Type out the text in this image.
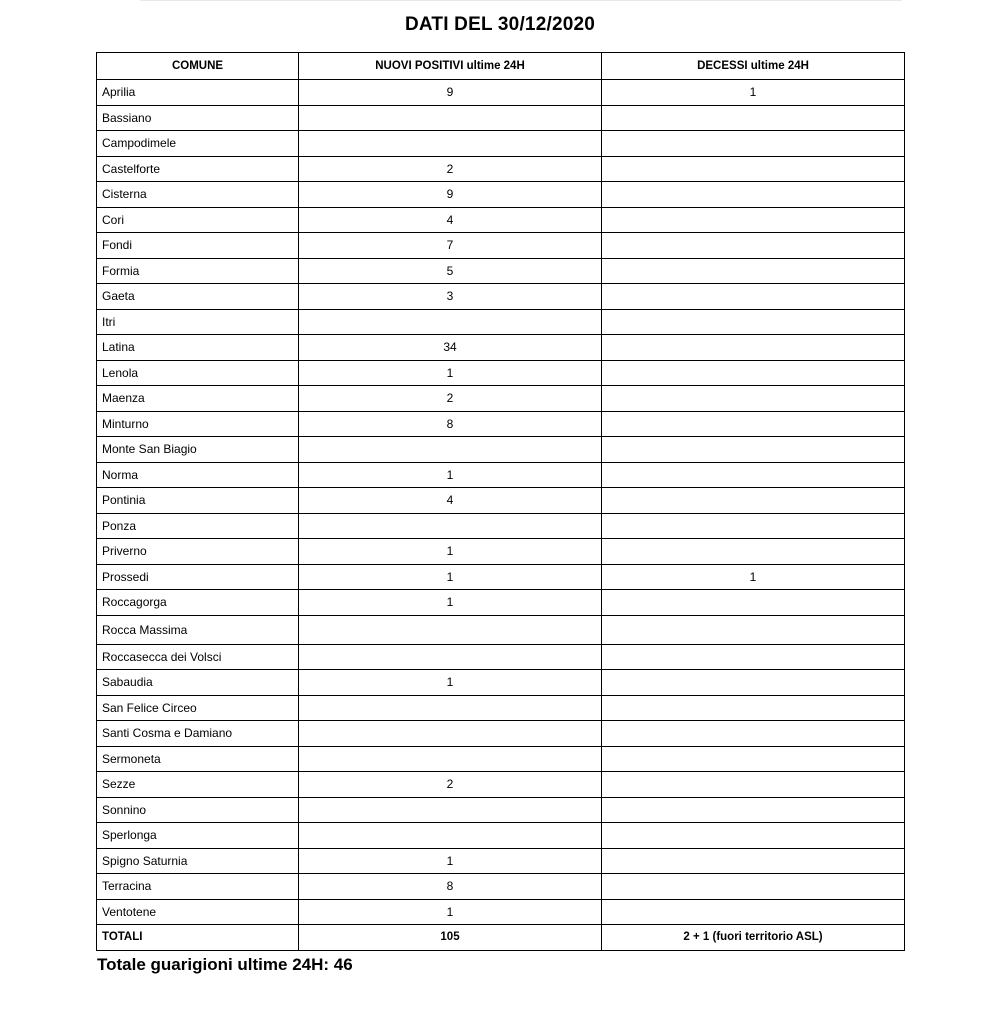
DATI DEL 30/12/2020
COMUNE	NUOVI POSITIVI ultime 24H	DECESSI ultime 24H
Aprilia	9	1
Bassiano		
Campodimele		
Castelforte	2	
Cisterna	9	
Cori	4	
Fondi	7	
Formia	5	
Gaeta	3	
Itri		
Latina	34	
Lenola	1	
Maenza	2	
Minturno	8	
Monte San Biagio		
Norma	1	
Pontinia	4	
Ponza		
Priverno	1	
Prossedi	1	1
Roccagorga	1	
Rocca Massima		
Roccasecca dei Volsci		
Sabaudia	1	
San Felice Circeo		
Santi Cosma e Damiano		
Sermoneta		
Sezze	2	
Sonnino		
Sperlonga		
Spigno Saturnia	1	
Terracina	8	
Ventotene	1	
TOTALI	105	2 + 1 (fuori territorio ASL)
Totale guarigioni ultime 24H: 46
